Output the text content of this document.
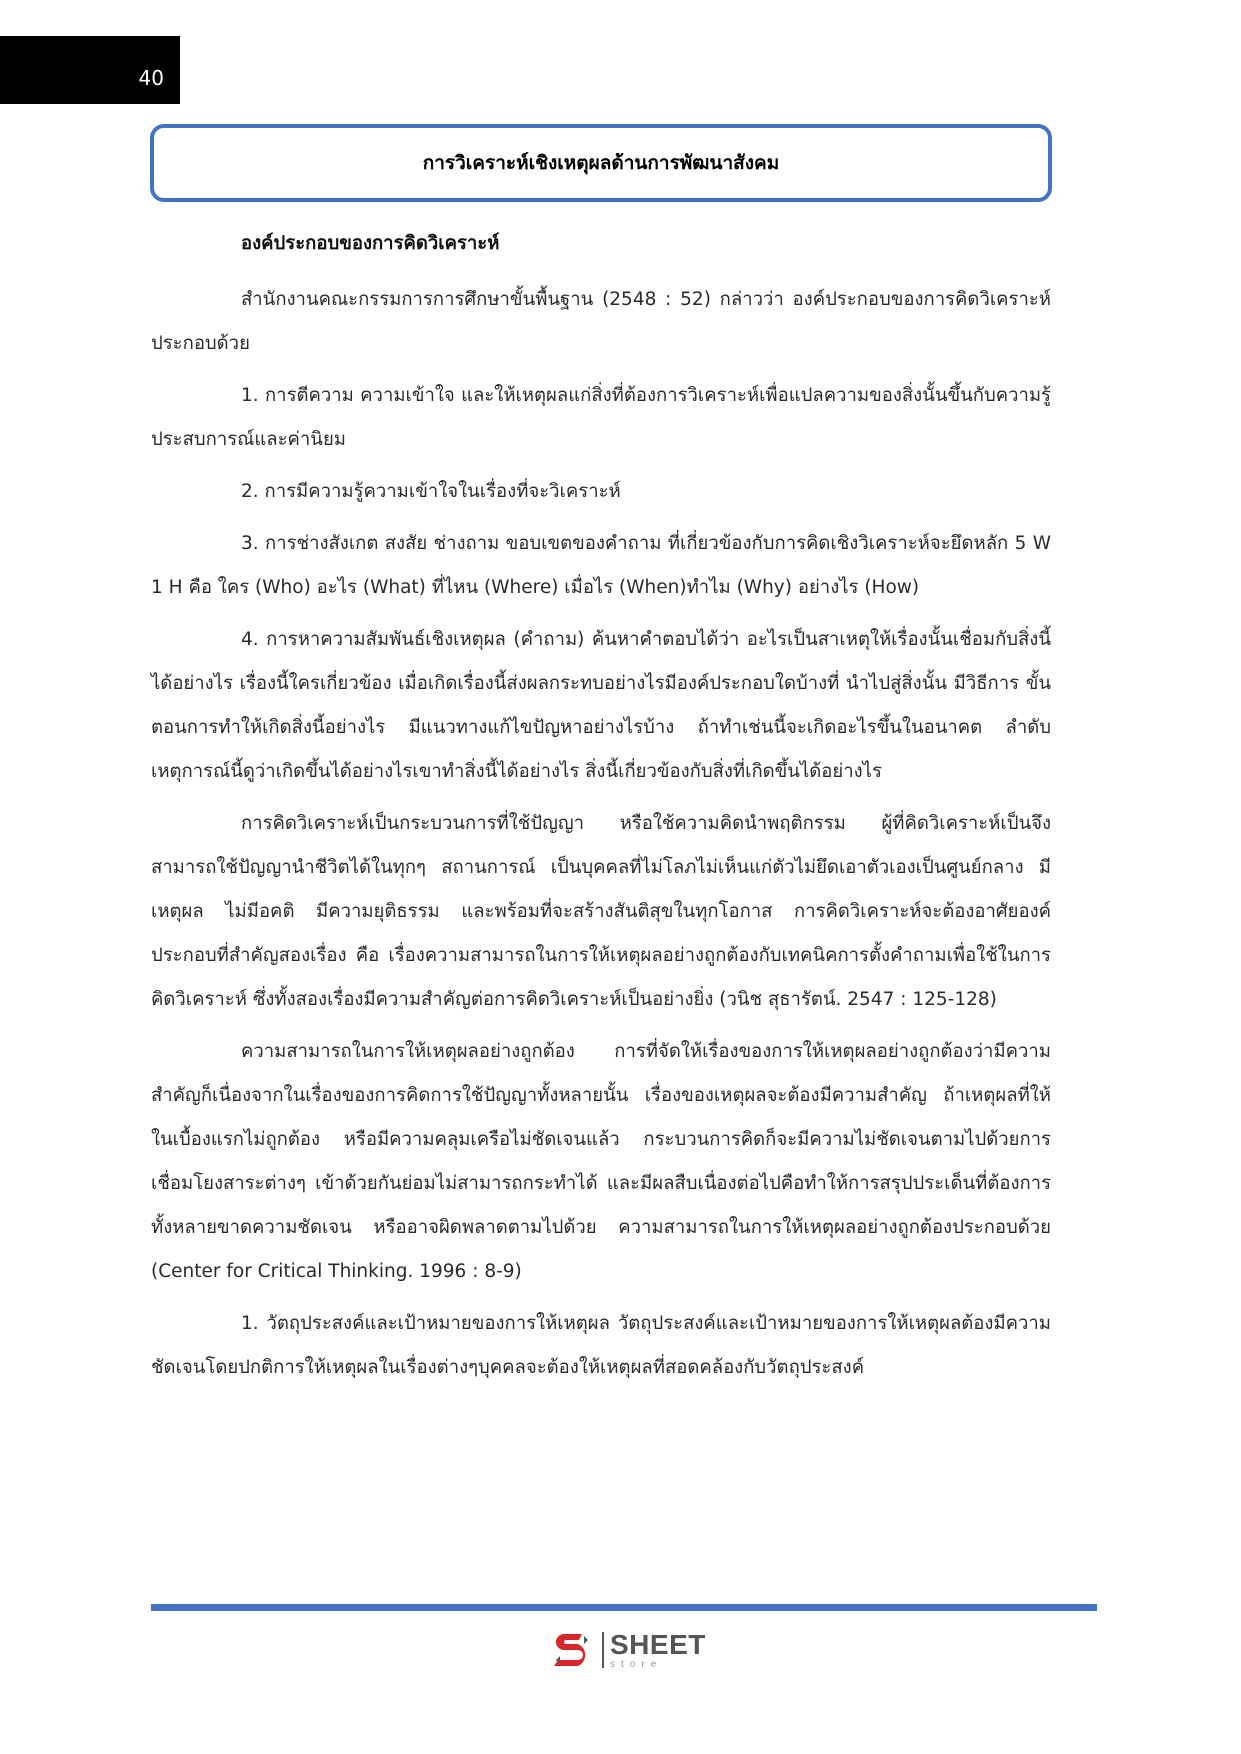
40
การวิเคราะห์เชิงเหตุผลด้านการพัฒนาสังคม

องค์ประกอบของการคิดวิเคราะห์

สำนักงานคณะกรรมการการศึกษาขั้นพื้นฐาน (2548 : 52) กล่าวว่า องค์ประกอบของการคิดวิเคราะห์ประกอบด้วย

1. การตีความ ความเข้าใจ และให้เหตุผลแก่สิ่งที่ต้องการวิเคราะห์เพื่อแปลความของสิ่งนั้นขึ้นกับความรู้ประสบการณ์และค่านิยม

2. การมีความรู้ความเข้าใจในเรื่องที่จะวิเคราะห์

3. การช่างสังเกต สงสัย ช่างถาม ขอบเขตของคำถาม ที่เกี่ยวข้องกับการคิดเชิงวิเคราะห์จะยึดหลัก 5 W 1 H คือ ใคร (Who) อะไร (What) ที่ไหน (Where) เมื่อไร (When)ทำไม (Why) อย่างไร (How)

4. การหาความสัมพันธ์เชิงเหตุผล (คำถาม) ค้นหาคำตอบได้ว่า อะไรเป็นสาเหตุให้เรื่องนั้นเชื่อมกับสิ่งนี้ได้อย่างไร เรื่องนี้ใครเกี่ยวข้อง เมื่อเกิดเรื่องนี้ส่งผลกระทบอย่างไรมีองค์ประกอบใดบ้างที่ นำไปสู่สิ่งนั้น มีวิธีการ ขั้นตอนการทำให้เกิดสิ่งนี้อย่างไร มีแนวทางแก้ไขปัญหาอย่างไรบ้าง ถ้าทำเช่นนี้จะเกิดอะไรขึ้นในอนาคต ลำดับเหตุการณ์นี้ดูว่าเกิดขึ้นได้อย่างไรเขาทำสิ่งนี้ได้อย่างไร สิ่งนี้เกี่ยวข้องกับสิ่งที่เกิดขึ้นได้อย่างไร

การคิดวิเคราะห์เป็นกระบวนการที่ใช้ปัญญา หรือใช้ความคิดนำพฤติกรรม ผู้ที่คิดวิเคราะห์เป็นจึงสามารถใช้ปัญญานำชีวิตได้ในทุกๆ สถานการณ์ เป็นบุคคลที่ไม่โลภไม่เห็นแก่ตัวไม่ยึดเอาตัวเองเป็นศูนย์กลาง มีเหตุผล ไม่มีอคติ มีความยุติธรรม และพร้อมที่จะสร้างสันติสุขในทุกโอกาส การคิดวิเคราะห์จะต้องอาศัยองค์ประกอบที่สำคัญสองเรื่อง คือ เรื่องความสามารถในการให้เหตุผลอย่างถูกต้องกับเทคนิคการตั้งคำถามเพื่อใช้ในการคิดวิเคราะห์ ซึ่งทั้งสองเรื่องมีความสำคัญต่อการคิดวิเคราะห์เป็นอย่างยิ่ง (วนิช สุธารัตน์. 2547 : 125-128)

ความสามารถในการให้เหตุผลอย่างถูกต้อง การที่จัดให้เรื่องของการให้เหตุผลอย่างถูกต้องว่ามีความสำคัญก็เนื่องจากในเรื่องของการคิดการใช้ปัญญาทั้งหลายนั้น เรื่องของเหตุผลจะต้องมีความสำคัญ ถ้าเหตุผลที่ให้ในเบื้องแรกไม่ถูกต้อง หรือมีความคลุมเครือไม่ชัดเจนแล้ว กระบวนการคิดก็จะมีความไม่ชัดเจนตามไปด้วยการเชื่อมโยงสาระต่างๆ เข้าด้วยกันย่อมไม่สามารถกระทำได้ และมีผลสืบเนื่องต่อไปคือทำให้การสรุปประเด็นที่ต้องการทั้งหลายขาดความชัดเจน หรืออาจผิดพลาดตามไปด้วย ความสามารถในการให้เหตุผลอย่างถูกต้องประกอบด้วย (Center for Critical Thinking. 1996 : 8-9)

1. วัตถุประสงค์และเป้าหมายของการให้เหตุผล วัตถุประสงค์และเป้าหมายของการให้เหตุผลต้องมีความชัดเจนโดยปกติการให้เหตุผลในเรื่องต่างๆบุคคลจะต้องให้เหตุผลที่สอดคล้องกับวัตถุประสงค์

SHEET
store
